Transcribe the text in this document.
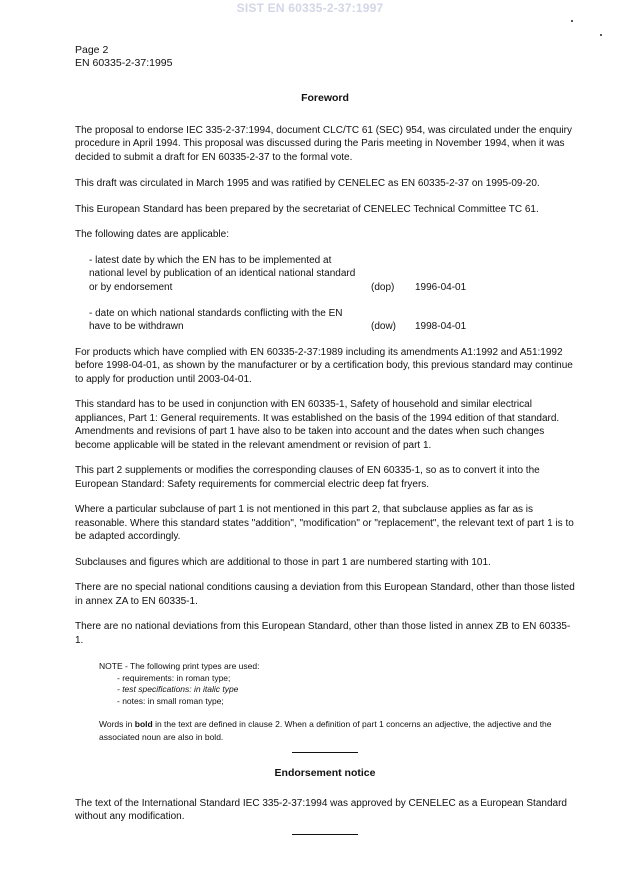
SIST EN 60335-2-37:1997
Page 2
EN 60335-2-37:1995
Foreword

The proposal to endorse IEC 335-2-37:1994, document CLC/TC 61 (SEC) 954, was circulated under the enquiry procedure in April 1994. This proposal was discussed during the Paris meeting in November 1994, when it was decided to submit a draft for EN 60335-2-37 to the formal vote.

This draft was circulated in March 1995 and was ratified by CENELEC as EN 60335-2-37 on 1995-09-20.

This European Standard has been prepared by the secretariat of CENELEC Technical Committee TC 61.

The following dates are applicable:

- latest date by which the EN has to be implemented at national level by publication of an identical national standard or by endorsement	(dop) 1996-04-01
- date on which national standards conflicting with the EN have to be withdrawn	(dow) 1998-04-01

For products which have complied with EN 60335-2-37:1989 including its amendments A1:1992 and A51:1992 before 1998-04-01, as shown by the manufacturer or by a certification body, this previous standard may continue to apply for production until 2003-04-01.

This standard has to be used in conjunction with EN 60335-1, Safety of household and similar electrical appliances, Part 1: General requirements. It was established on the basis of the 1994 edition of that standard. Amendments and revisions of part 1 have also to be taken into account and the dates when such changes become applicable will be stated in the relevant amendment or revision of part 1.

This part 2 supplements or modifies the corresponding clauses of EN 60335-1, so as to convert it into the European Standard: Safety requirements for commercial electric deep fat fryers.

Where a particular subclause of part 1 is not mentioned in this part 2, that subclause applies as far as is reasonable. Where this standard states "addition", "modification" or "replacement", the relevant text of part 1 is to be adapted accordingly.

Subclauses and figures which are additional to those in part 1 are numbered starting with 101.

There are no special national conditions causing a deviation from this European Standard, other than those listed in annex ZA to EN 60335-1.

There are no national deviations from this European Standard, other than those listed in annex ZB to EN 60335-1.

NOTE - The following print types are used:
- requirements: in roman type;
- test specifications: in italic type
- notes: in small roman type;
Words in bold in the text are defined in clause 2. When a definition of part 1 concerns an adjective, the adjective and the associated noun are also in bold.
Endorsement notice

The text of the International Standard IEC 335-2-37:1994 was approved by CENELEC as a European Standard without any modification.
